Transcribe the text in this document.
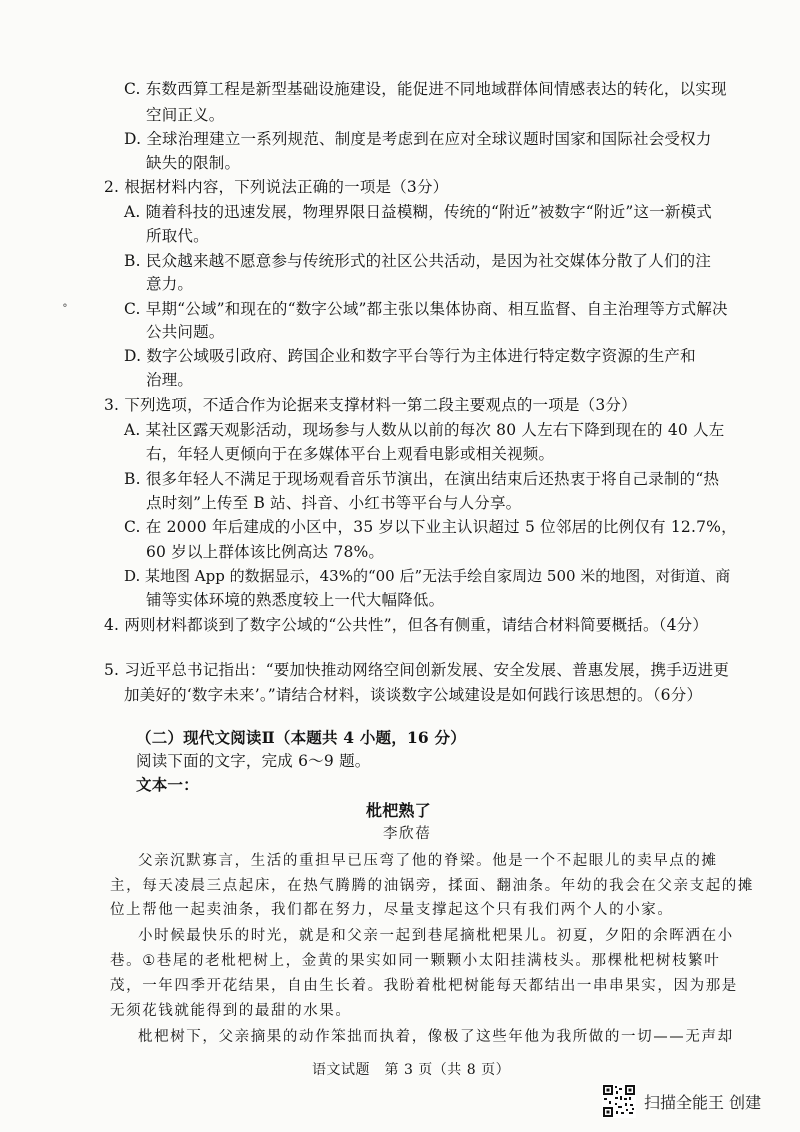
C. 东数西算工程是新型基础设施建设，能促进不同地域群体间情感表达的转化，以实现
空间正义。
D. 全球治理建立一系列规范、制度是考虑到在应对全球议题时国家和国际社会受权力
缺失的限制。
2. 根据材料内容，下列说法正确的一项是（3分）
A. 随着科技的迅速发展，物理界限日益模糊，传统的“附近”被数字“附近”这一新模式
所取代。
B. 民众越来越不愿意参与传统形式的社区公共活动，是因为社交媒体分散了人们的注
意力。
∘	C. 早期“公域”和现在的“数字公域”都主张以集体协商、相互监督、自主治理等方式解决
公共问题。
D. 数字公域吸引政府、跨国企业和数字平台等行为主体进行特定数字资源的生产和
治理。
3. 下列选项，不适合作为论据来支撑材料一第二段主要观点的一项是（3分）
A. 某社区露天观影活动，现场参与人数从以前的每次 80 人左右下降到现在的 40 人左
右，年轻人更倾向于在多媒体平台上观看电影或相关视频。
B. 很多年轻人不满足于现场观看音乐节演出，在演出结束后还热衷于将自己录制的“热
点时刻”上传至 B 站、抖音、小红书等平台与人分享。
C. 在 2000 年后建成的小区中，35 岁以下业主认识超过 5 位邻居的比例仅有 12.7%，
60 岁以上群体该比例高达 78%。
D. 某地图 App 的数据显示，43%的“00 后”无法手绘自家周边 500 米的地图，对街道、商
铺等实体环境的熟悉度较上一代大幅降低。
4. 两则材料都谈到了数字公域的“公共性”，但各有侧重，请结合材料简要概括。（4分）
5. 习近平总书记指出：“要加快推动网络空间创新发展、安全发展、普惠发展，携手迈进更
加美好的‘数字未来’。”请结合材料，谈谈数字公域建设是如何践行该思想的。（6分）
（二）现代文阅读Ⅱ（本题共 4 小题，16 分）
阅读下面的文字，完成 6～9 题。
文本一：
枇杷熟了
李欣蓓
父亲沉默寡言，生活的重担早已压弯了他的脊梁。他是一个不起眼儿的卖早点的摊
主，每天凌晨三点起床，在热气腾腾的油锅旁，揉面、翻油条。年幼的我会在父亲支起的摊
位上帮他一起卖油条，我们都在努力，尽量支撑起这个只有我们两个人的小家。
小时候最快乐的时光，就是和父亲一起到巷尾摘枇杷果儿。初夏，夕阳的余晖洒在小
巷。①巷尾的老枇杷树上，金黄的果实如同一颗颗小太阳挂满枝头。那棵枇杷树枝繁叶
茂，一年四季开花结果，自由生长着。我盼着枇杷树能每天都结出一串串果实，因为那是
无须花钱就能得到的最甜的水果。
枇杷树下，父亲摘果的动作笨拙而执着，像极了这些年他为我所做的一切——无声却
语文试题　第 3 页（共 8 页）
扫描全能王 创建
